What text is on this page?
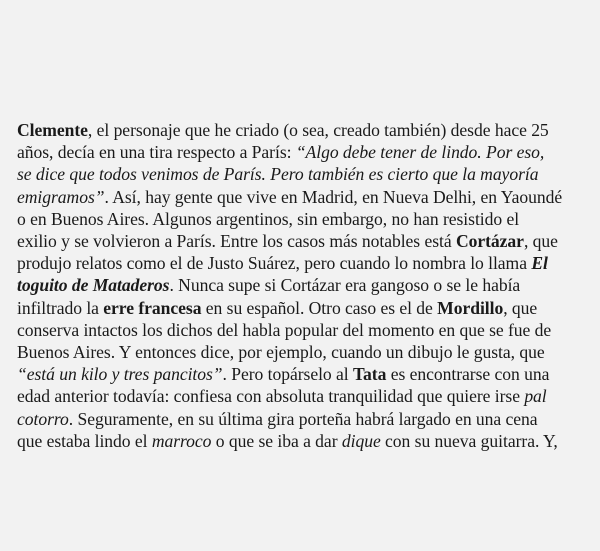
Clemente, el personaje que he criado (o sea, creado también) desde hace 25
años, decía en una tira respecto a París: “Algo debe tener de lindo. Por eso,
se dice que todos venimos de París. Pero también es cierto que la mayoría
emigramos”. Así, hay gente que vive en Madrid, en Nueva Delhi, en Yaoundé
o en Buenos Aires. Algunos argentinos, sin embargo, no han resistido el
exilio y se volvieron a París. Entre los casos más notables está Cortázar, que
produjo relatos como el de Justo Suárez, pero cuando lo nombra lo llama El
toguito de Mataderos. Nunca supe si Cortázar era gangoso o se le había
infiltrado la erre francesa en su español. Otro caso es el de Mordillo, que
conserva intactos los dichos del habla popular del momento en que se fue de
Buenos Aires. Y entonces dice, por ejemplo, cuando un dibujo le gusta, que
“está un kilo y tres pancitos”. Pero topárselo al Tata es encontrarse con una
edad anterior todavía: confiesa con absoluta tranquilidad que quiere irse pal
cotorro. Seguramente, en su última gira porteña habrá largado en una cena
que estaba lindo el marroco o que se iba a dar dique con su nueva guitarra. Y,
